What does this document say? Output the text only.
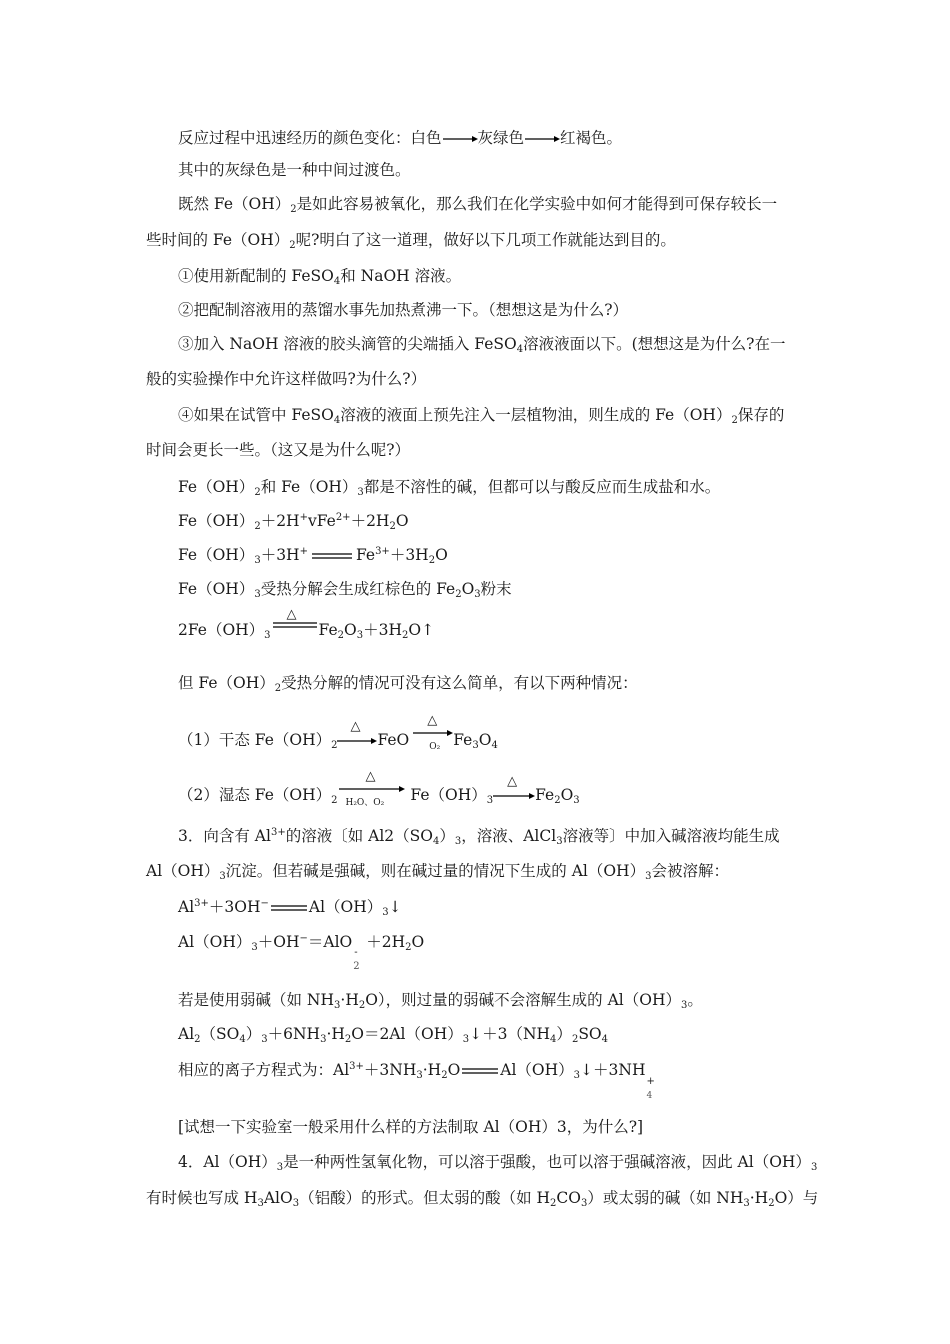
反应过程中迅速经历的颜色变化：白色 灰绿色 红褐色。
其中的灰绿色是一种中间过渡色。
既然 $Fe(OH)_2$是如此容易被氧化，那么我们在化学实验中如何才能得到可保存较长一
些时间的 $Fe(OH)_2$呢?明白了这一道理，做好以下几项工作就能达到目的。
①使用新配制的 FeSO$_4$和 NaOH 溶液。
②把配制溶液用的蒸馏水事先加热煮沸一下。（想想这是为什么?）
③加入 NaOH 溶液的胶头滴管的尖端插入 FeSO$_4$溶液液面以下。(想想这是为什么?在一
般的实验操作中允许这样做吗?为什么?）
④如果在试管中 FeSO$_4$溶液的液面上预先注入一层植物油，则生成的 $Fe(OH)_2$保存的
时间会更长一些。（这又是为什么呢?）
$Fe(OH)_2$和 $Fe(OH)_3$都是不溶性的碱，但都可以与酸反应而生成盐和水。
$Fe(OH)_2+2H^+vFe^{2+}+2H_2O$
$Fe(OH)_3+3H^+$	$Fe^{3+}+3H_2O$
$Fe(OH)_3$受热分解会生成红棕色的 $Fe_2O_3$粉末
$2Fe(OH)_3$
△
$Fe_2O_3+3H_2O↑$
但 $Fe(OH)_2$受热分解的情况可没有这么简单，有以下两种情况：
（1）干态 $Fe(OH)_2$
△
FeO
△
O₂ $Fe_3O_4$
（2）湿态 $Fe(OH)_2$
△
H₂O、O₂ $Fe(OH)_3$
△
$Fe_2O_3$
3．向含有 $Al^{3+}$的溶液〔如 $Al2(SO_4)_3$，溶液、AlCl$_3$溶液等〕中加入碱溶液均能生成
$Al(OH)_3$沉淀。但若碱是强碱，则在碱过量的情况下生成的 $Al(OH)_3$会被溶解：
$Al^{3+}+3OH^-$	$Al(OH)_3↓$
$Al(OH)_3+OH^-=AlO$
-
2
$+2H_2O$
若是使用弱碱（如 $NH_3\cdot H_2O$），则过量的弱碱不会溶解生成的 $Al(OH)_3$。
$Al_2(SO_4)_3+6NH_3\cdot H_2O=2Al(OH)_3↓+3(NH_4)_2SO_4$
相应的离子方程式为：$Al^{3+}+3NH_3\cdot H_2O$	$Al(OH)_3↓+3NH$
+
4
[试想一下实验室一般采用什么样的方法制取 Al（OH）3，为什么?]
4．$Al(OH)_3$是一种两性氢氧化物，可以溶于强酸，也可以溶于强碱溶液，因此 $Al(OH)_3$
有时候也写成 $H_3AlO_3$（铝酸）的形式。但太弱的酸（如 $H_2CO_3$）或太弱的碱（如 $NH_3\cdot H_2O$）与
